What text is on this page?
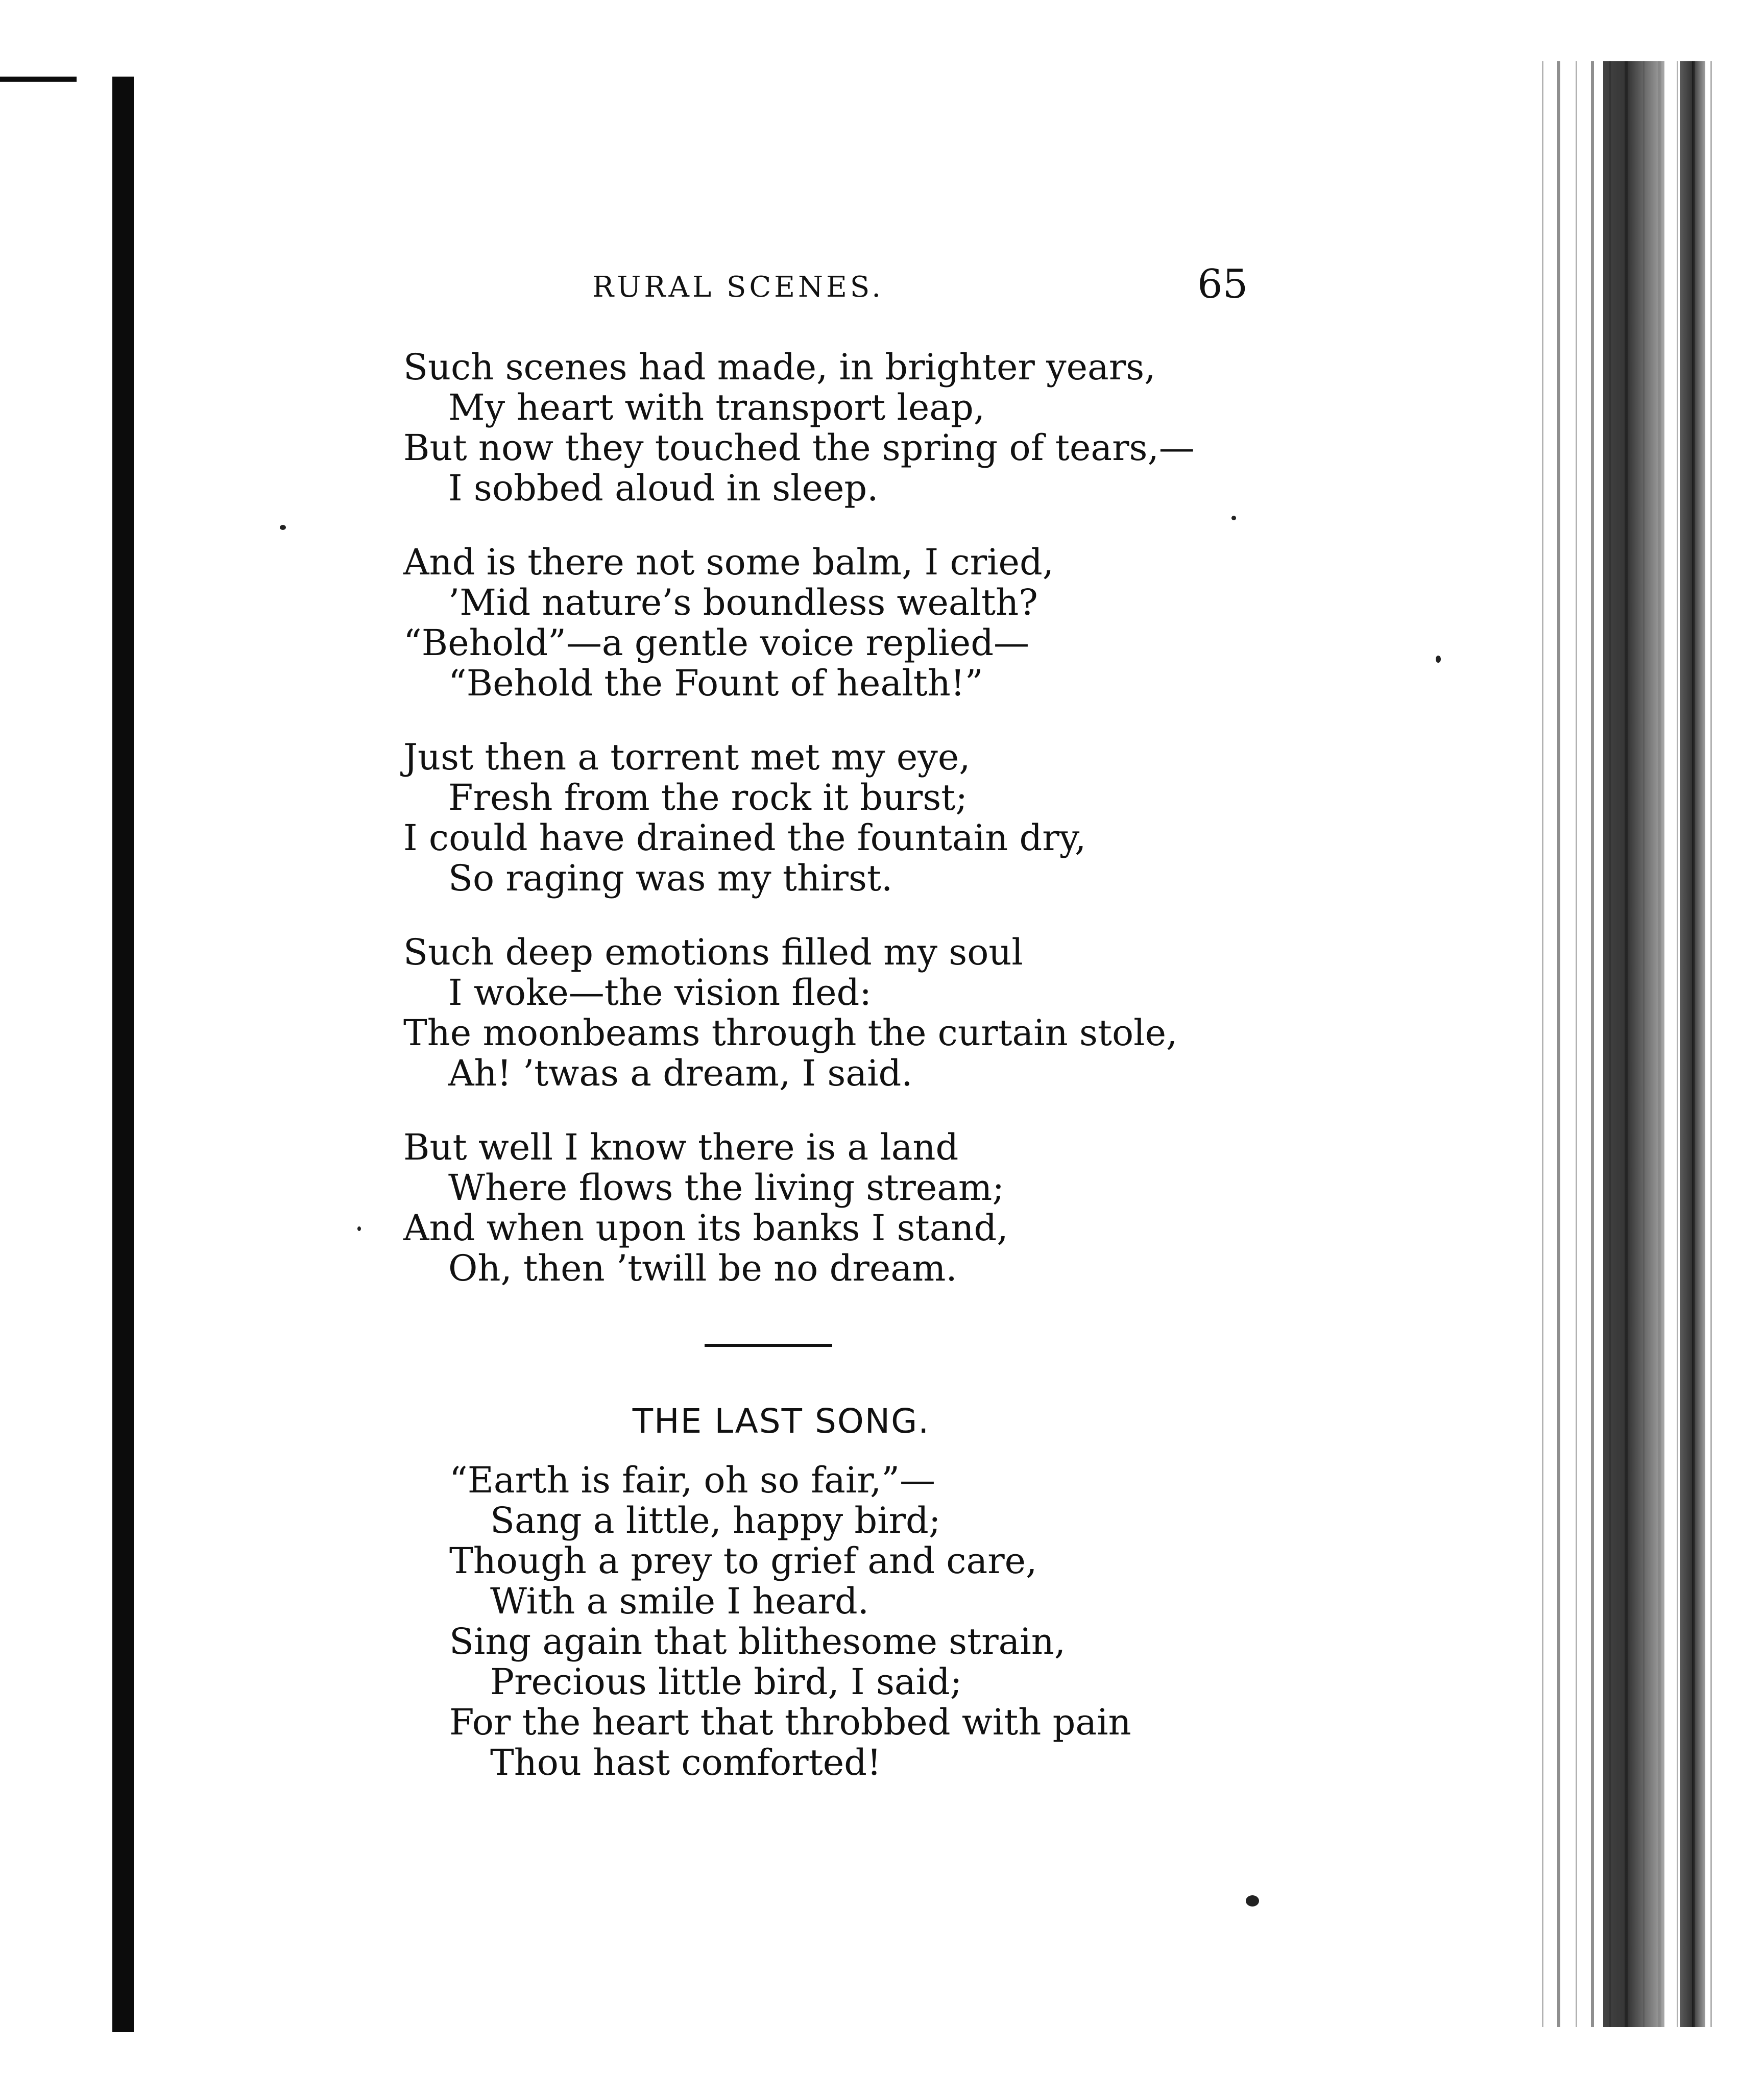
RURAL SCENES.	65
Such scenes had made, in brighter years,
My heart with transport leap,
But now they touched the spring of tears,—
I sobbed aloud in sleep.
And is there not some balm, I cried,
’Mid nature’s boundless wealth?
“Behold”—a gentle voice replied—
“Behold the Fount of health!”
Just then a torrent met my eye,
Fresh from the rock it burst;
I could have drained the fountain dry,
So raging was my thirst.
Such deep emotions filled my soul
I woke—the vision fled:
The moonbeams through the curtain stole,
Ah! ’twas a dream, I said.
But well I know there is a land
Where flows the living stream;
And when upon its banks I stand,
Oh, then ’twill be no dream.
THE LAST SONG.
“Earth is fair, oh so fair,”—
Sang a little, happy bird;
Though a prey to grief and care,
With a smile I heard.
Sing again that blithesome strain,
Precious little bird, I said;
For the heart that throbbed with pain
Thou hast comforted!
